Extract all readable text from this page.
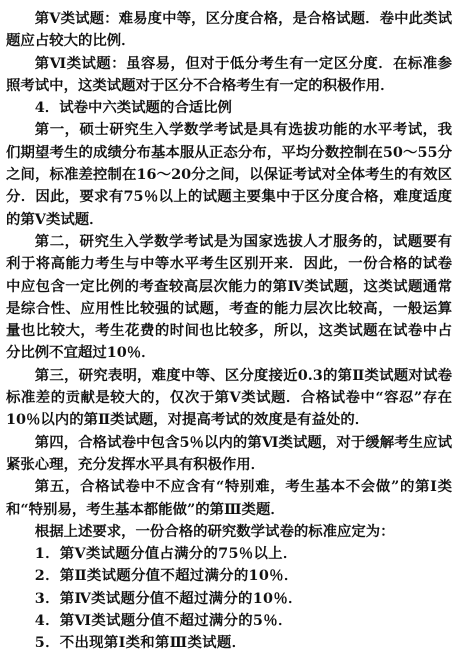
第Ⅴ类试题：难易度中等，区分度合格，是合格试题．卷中此类试题应占较大的比例．

第Ⅵ类试题：虽容易，但对于低分考生有一定区分度．在标准参照考试中，这类试题对于区分不合格考生有一定的积极作用．

4．试卷中六类试题的合适比例

第一，硕士研究生入学数学考试是具有选拔功能的水平考试，我们期望考生的成绩分布基本服从正态分布，平均分数控制在50～55分之间，标准差控制在16～20分之间，以保证考试对全体考生的有效区分．因此，要求有75％以上的试题主要集中于区分度合格，难度适度的第Ⅴ类试题．

第二，研究生入学数学考试是为国家选拔人才服务的，试题要有利于将高能力考生与中等水平考生区别开来．因此，一份合格的试卷中应包含一定比例的考查较高层次能力的第Ⅳ类试题，这类试题通常是综合性、应用性比较强的试题，考查的能力层次比较高，一般运算量也比较大，考生花费的时间也比较多，所以，这类试题在试卷中占分比例不宜超过10％．

第三，研究表明，难度中等、区分度接近0.3的第Ⅱ类试题对试卷标准差的贡献是较大的，仅次于第Ⅴ类试题．合格试卷中“容忍”存在10％以内的第Ⅱ类试题，对提高考试的效度是有益处的．

第四，合格试卷中包含5％以内的第Ⅵ类试题，对于缓解考生应试紧张心理，充分发挥水平具有积极作用．

第五，合格试卷中不应含有“特别难，考生基本不会做”的第Ⅰ类和“特别易，考生基本都能做”的第Ⅲ类题．

根据上述要求，一份合格的研究数学试卷的标准应定为：

1．第Ⅴ类试题分值占满分的75％以上．

2．第Ⅱ类试题分值不超过满分的10％．

3．第Ⅳ类试题分值不超过满分的10％．

4．第Ⅵ类试题分值不超过满分的5％．

5．不出现第Ⅰ类和第Ⅲ类试题．
